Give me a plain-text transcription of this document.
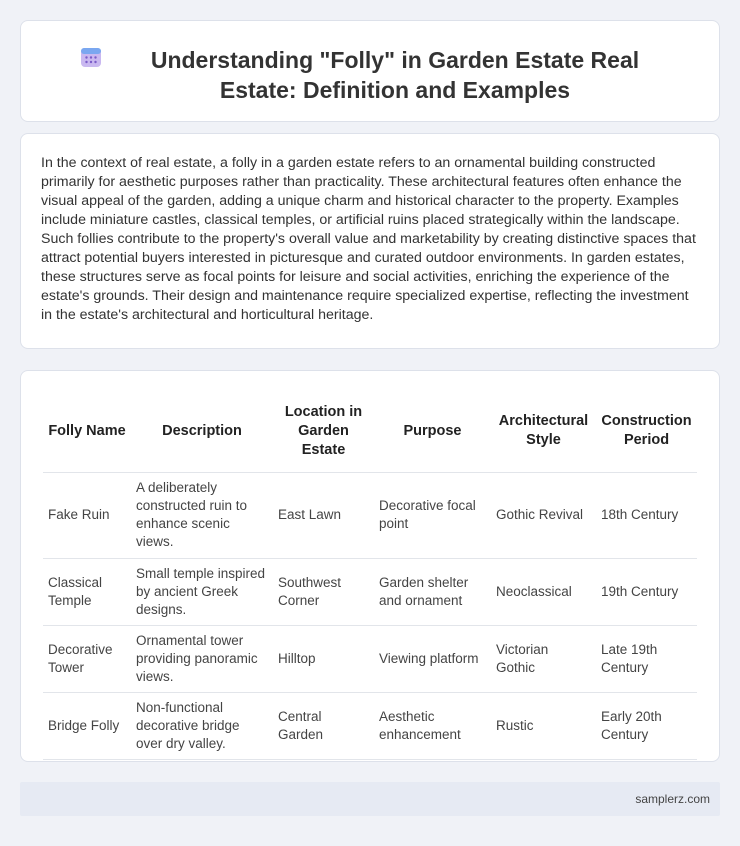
Understanding "Folly" in Garden Estate Real Estate: Definition and Examples

In the context of real estate, a folly in a garden estate refers to an ornamental building constructed primarily for aesthetic purposes rather than practicality. These architectural features often enhance the visual appeal of the garden, adding a unique charm and historical character to the property. Examples include miniature castles, classical temples, or artificial ruins placed strategically within the landscape. Such follies contribute to the property's overall value and marketability by creating distinctive spaces that attract potential buyers interested in picturesque and curated outdoor environments. In garden estates, these structures serve as focal points for leisure and social activities, enriching the experience of the estate's grounds. Their design and maintenance require specialized expertise, reflecting the investment in the estate's architectural and horticultural heritage.

Folly Name	Description	Location in Garden Estate	Purpose	Architectural Style	Construction Period
Fake Ruin	A deliberately constructed ruin to enhance scenic views.	East Lawn	Decorative focal point	Gothic Revival	18th Century
Classical Temple	Small temple inspired by ancient Greek designs.	Southwest Corner	Garden shelter and ornament	Neoclassical	19th Century
Decorative Tower	Ornamental tower providing panoramic views.	Hilltop	Viewing platform	Victorian Gothic	Late 19th Century
Bridge Folly	Non-functional decorative bridge over dry valley.	Central Garden	Aesthetic enhancement	Rustic	Early 20th Century
samplerz.com
